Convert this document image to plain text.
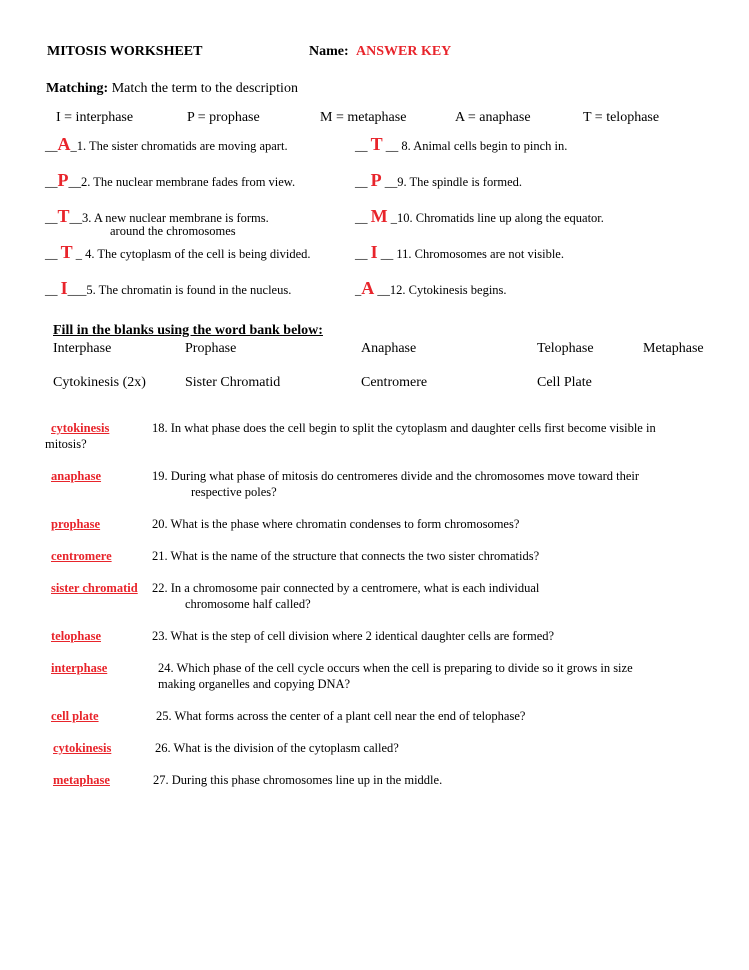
MITOSIS WORKSHEET	Name: ANSWER KEY
Matching: Match the term to the description
I = interphase	P = prophase	M = metaphase	A = anaphase	T = telophase
__A_1. The sister chromatids are moving apart.
__P__2. The nuclear membrane fades from view.
__T__3. A new nuclear membrane is forms.
around the chromosomes
__ T _ 4. The cytoplasm of the cell is being divided.
__ I___5. The chromatin is found in the nucleus.
__ T __ 8. Animal cells begin to pinch in.
__ P __9. The spindle is formed.
__ M _10. Chromatids line up along the equator.
__ I __ 11. Chromosomes are not visible.
_A __12. Cytokinesis begins.
Fill in the blanks using the word bank below:
Interphase	Prophase	Anaphase	Telophase	Metaphase
Cytokinesis (2x)	Sister Chromatid	Centromere	Cell Plate
cytokinesis	18. In what phase does the cell begin to split the cytoplasm and daughter cells first become visible in
mitosis?
anaphase	19. During what phase of mitosis do centromeres divide and the chromosomes move toward their
respective poles?
prophase	20. What is the phase where chromatin condenses to form chromosomes?
centromere	21. What is the name of the structure that connects the two sister chromatids?
sister chromatid 22. In a chromosome pair connected by a centromere, what is each individual
chromosome half called?
telophase	23. What is the step of cell division where 2 identical daughter cells are formed?
interphase	24. Which phase of the cell cycle occurs when the cell is preparing to divide so it grows in size
making organelles and copying DNA?
cell plate	25. What forms across the center of a plant cell near the end of telophase?
cytokinesis	26. What is the division of the cytoplasm called?
metaphase	27. During this phase chromosomes line up in the middle.
